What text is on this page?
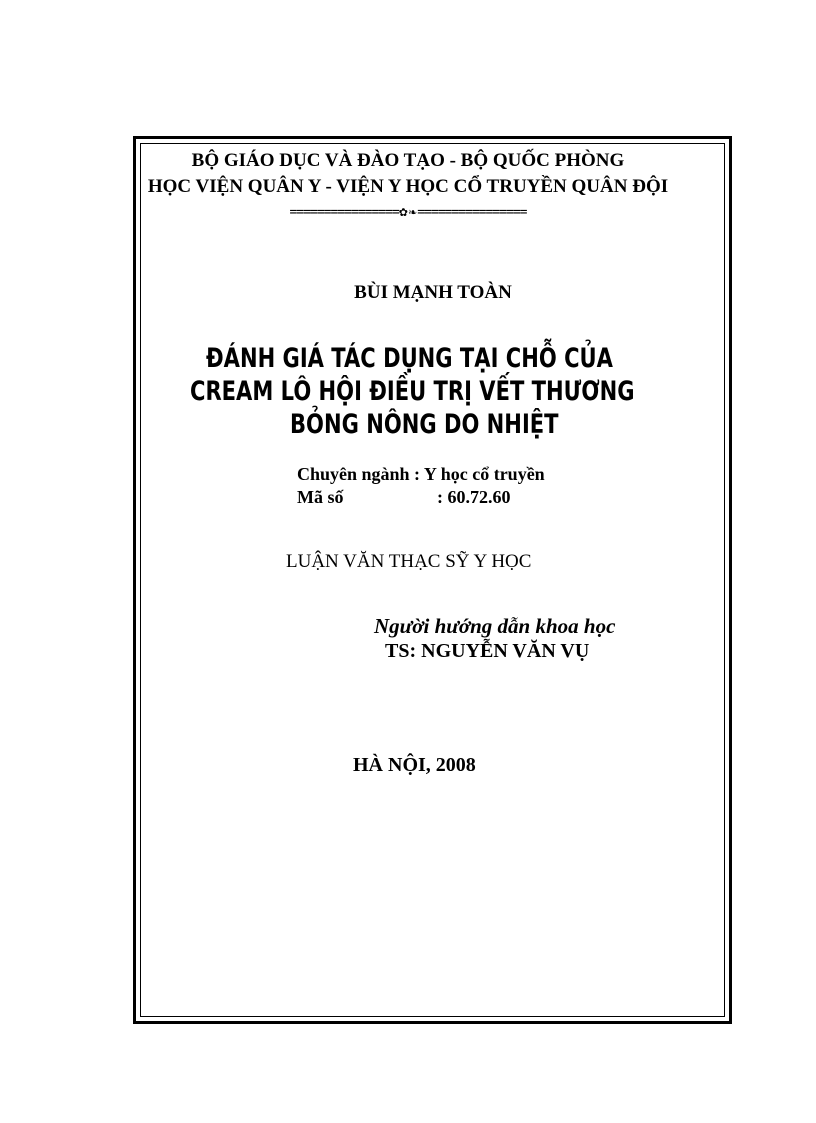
BỘ GIÁO DỤC VÀ ĐÀO TẠO - BỘ QUỐC PHÒNG
HỌC VIỆN QUÂN Y - VIỆN Y HỌC CỔ TRUYỀN QUÂN ĐỘI
================✿❧================
BÙI MẠNH TOÀN
ĐÁNH GIÁ TÁC DỤNG TẠI CHỖ CỦA
CREAM LÔ HỘI ĐIỀU TRỊ VẾT THƯƠNG
BỎNG NÔNG DO NHIỆT
Chuyên ngành : Y học cổ truyền
Mã số	: 60.72.60
LUẬN VĂN THẠC SỸ Y HỌC
Người hướng dẫn khoa học
TS: NGUYỄN VĂN VỤ
HÀ NỘI, 2008
